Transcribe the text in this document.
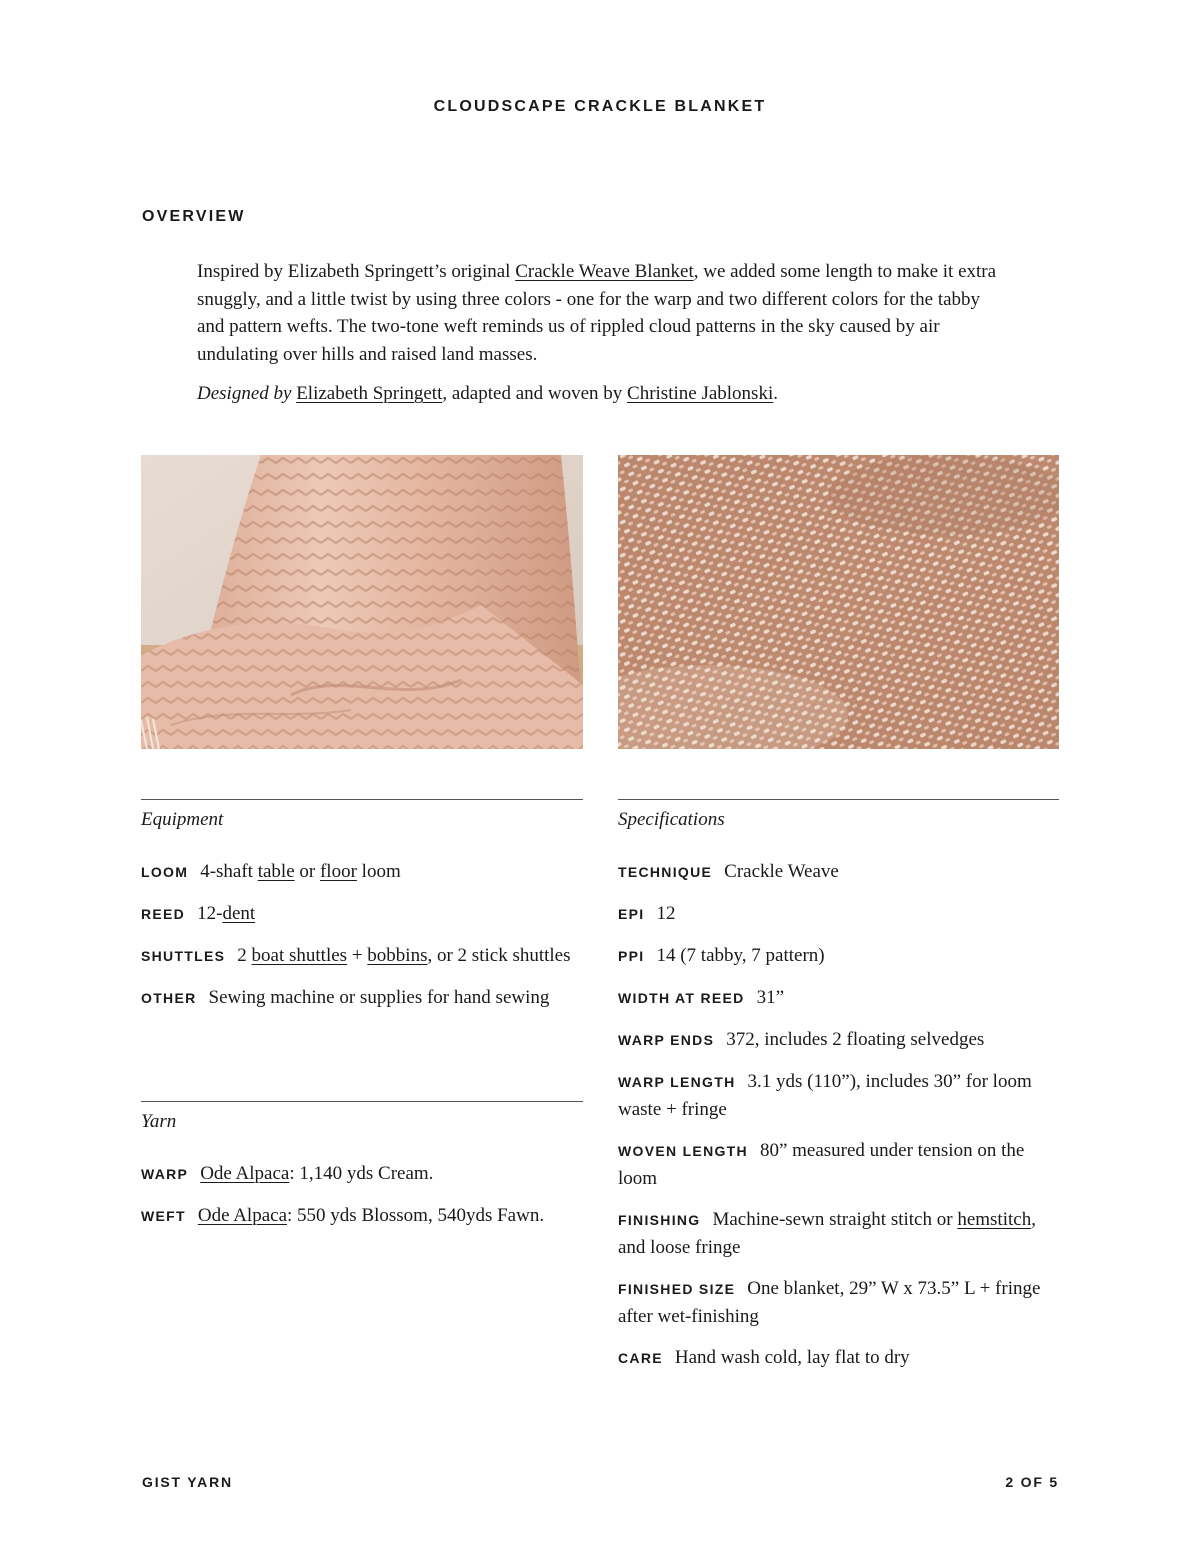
CLOUDSCAPE CRACKLE BLANKET
OVERVIEW

Inspired by Elizabeth Springett’s original Crackle Weave Blanket, we added some length to make it extra snuggly, and a little twist by using three colors - one for the warp and two different colors for the tabby and pattern wefts. The two-tone weft reminds us of rippled cloud patterns in the sky caused by air undulating over hills and raised land masses.

Designed by Elizabeth Springett, adapted and woven by Christine Jablonski.

Equipment
LOOM 4-shaft table or floor loom
REED 12-dent
SHUTTLES 2 boat shuttles + bobbins, or 2 stick shuttles
OTHER Sewing machine or supplies for hand sewing
Yarn
WARP Ode Alpaca: 1,140 yds Cream.
WEFT Ode Alpaca: 550 yds Blossom, 540yds Fawn.
Specifications
TECHNIQUE Crackle Weave
EPI 12
PPI 14 (7 tabby, 7 pattern)
WIDTH AT REED 31”
WARP ENDS 372, includes 2 floating selvedges
WARP LENGTH 3.1 yds (110”), includes 30” for loom waste + fringe
WOVEN LENGTH 80” measured under tension on the loom
FINISHING Machine-sewn straight stitch or hemstitch, and loose fringe
FINISHED SIZE One blanket, 29” W x 73.5” L + fringe after wet-finishing
CARE Hand wash cold, lay flat to dry
GIST YARN	2 OF 5
